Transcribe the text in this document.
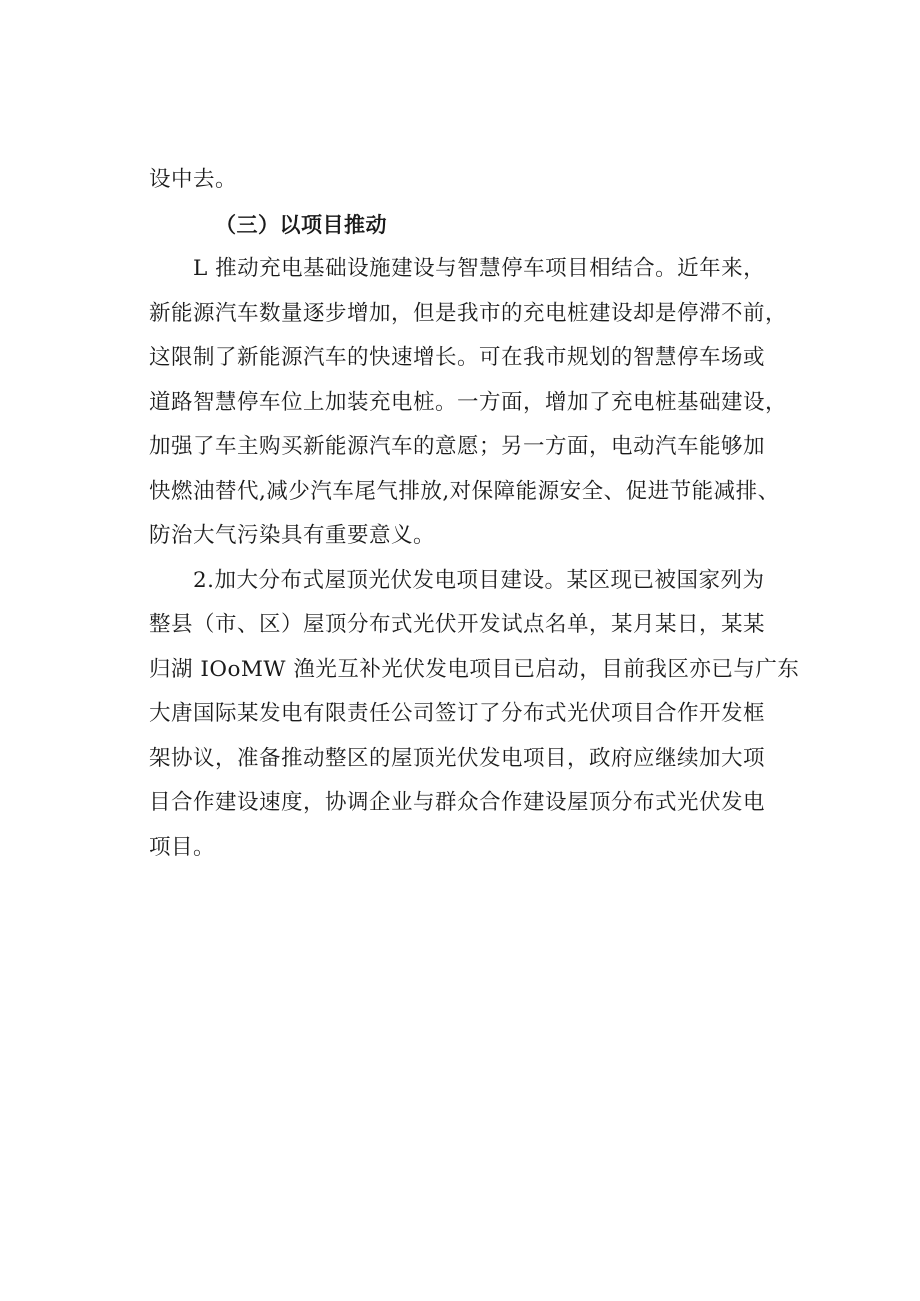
设中去。

（三）以项目推动

L 推动充电基础设施建设与智慧停车项目相结合。近年来，
新能源汽车数量逐步增加，但是我市的充电桩建设却是停滞不前，
这限制了新能源汽车的快速增长。可在我市规划的智慧停车场或
道路智慧停车位上加装充电桩。一方面，增加了充电桩基础建设，
加强了车主购买新能源汽车的意愿；另一方面，电动汽车能够加
快燃油替代,减少汽车尾气排放,对保障能源安全、促进节能减排、
防治大气污染具有重要意义。

2.加大分布式屋顶光伏发电项目建设。某区现已被国家列为
整县（市、区）屋顶分布式光伏开发试点名单，某月某日，某某
归湖 IOoMW 渔光互补光伏发电项目已启动，目前我区亦已与广东
大唐国际某发电有限责任公司签订了分布式光伏项目合作开发框
架协议，准备推动整区的屋顶光伏发电项目，政府应继续加大项
目合作建设速度，协调企业与群众合作建设屋顶分布式光伏发电
项目。
